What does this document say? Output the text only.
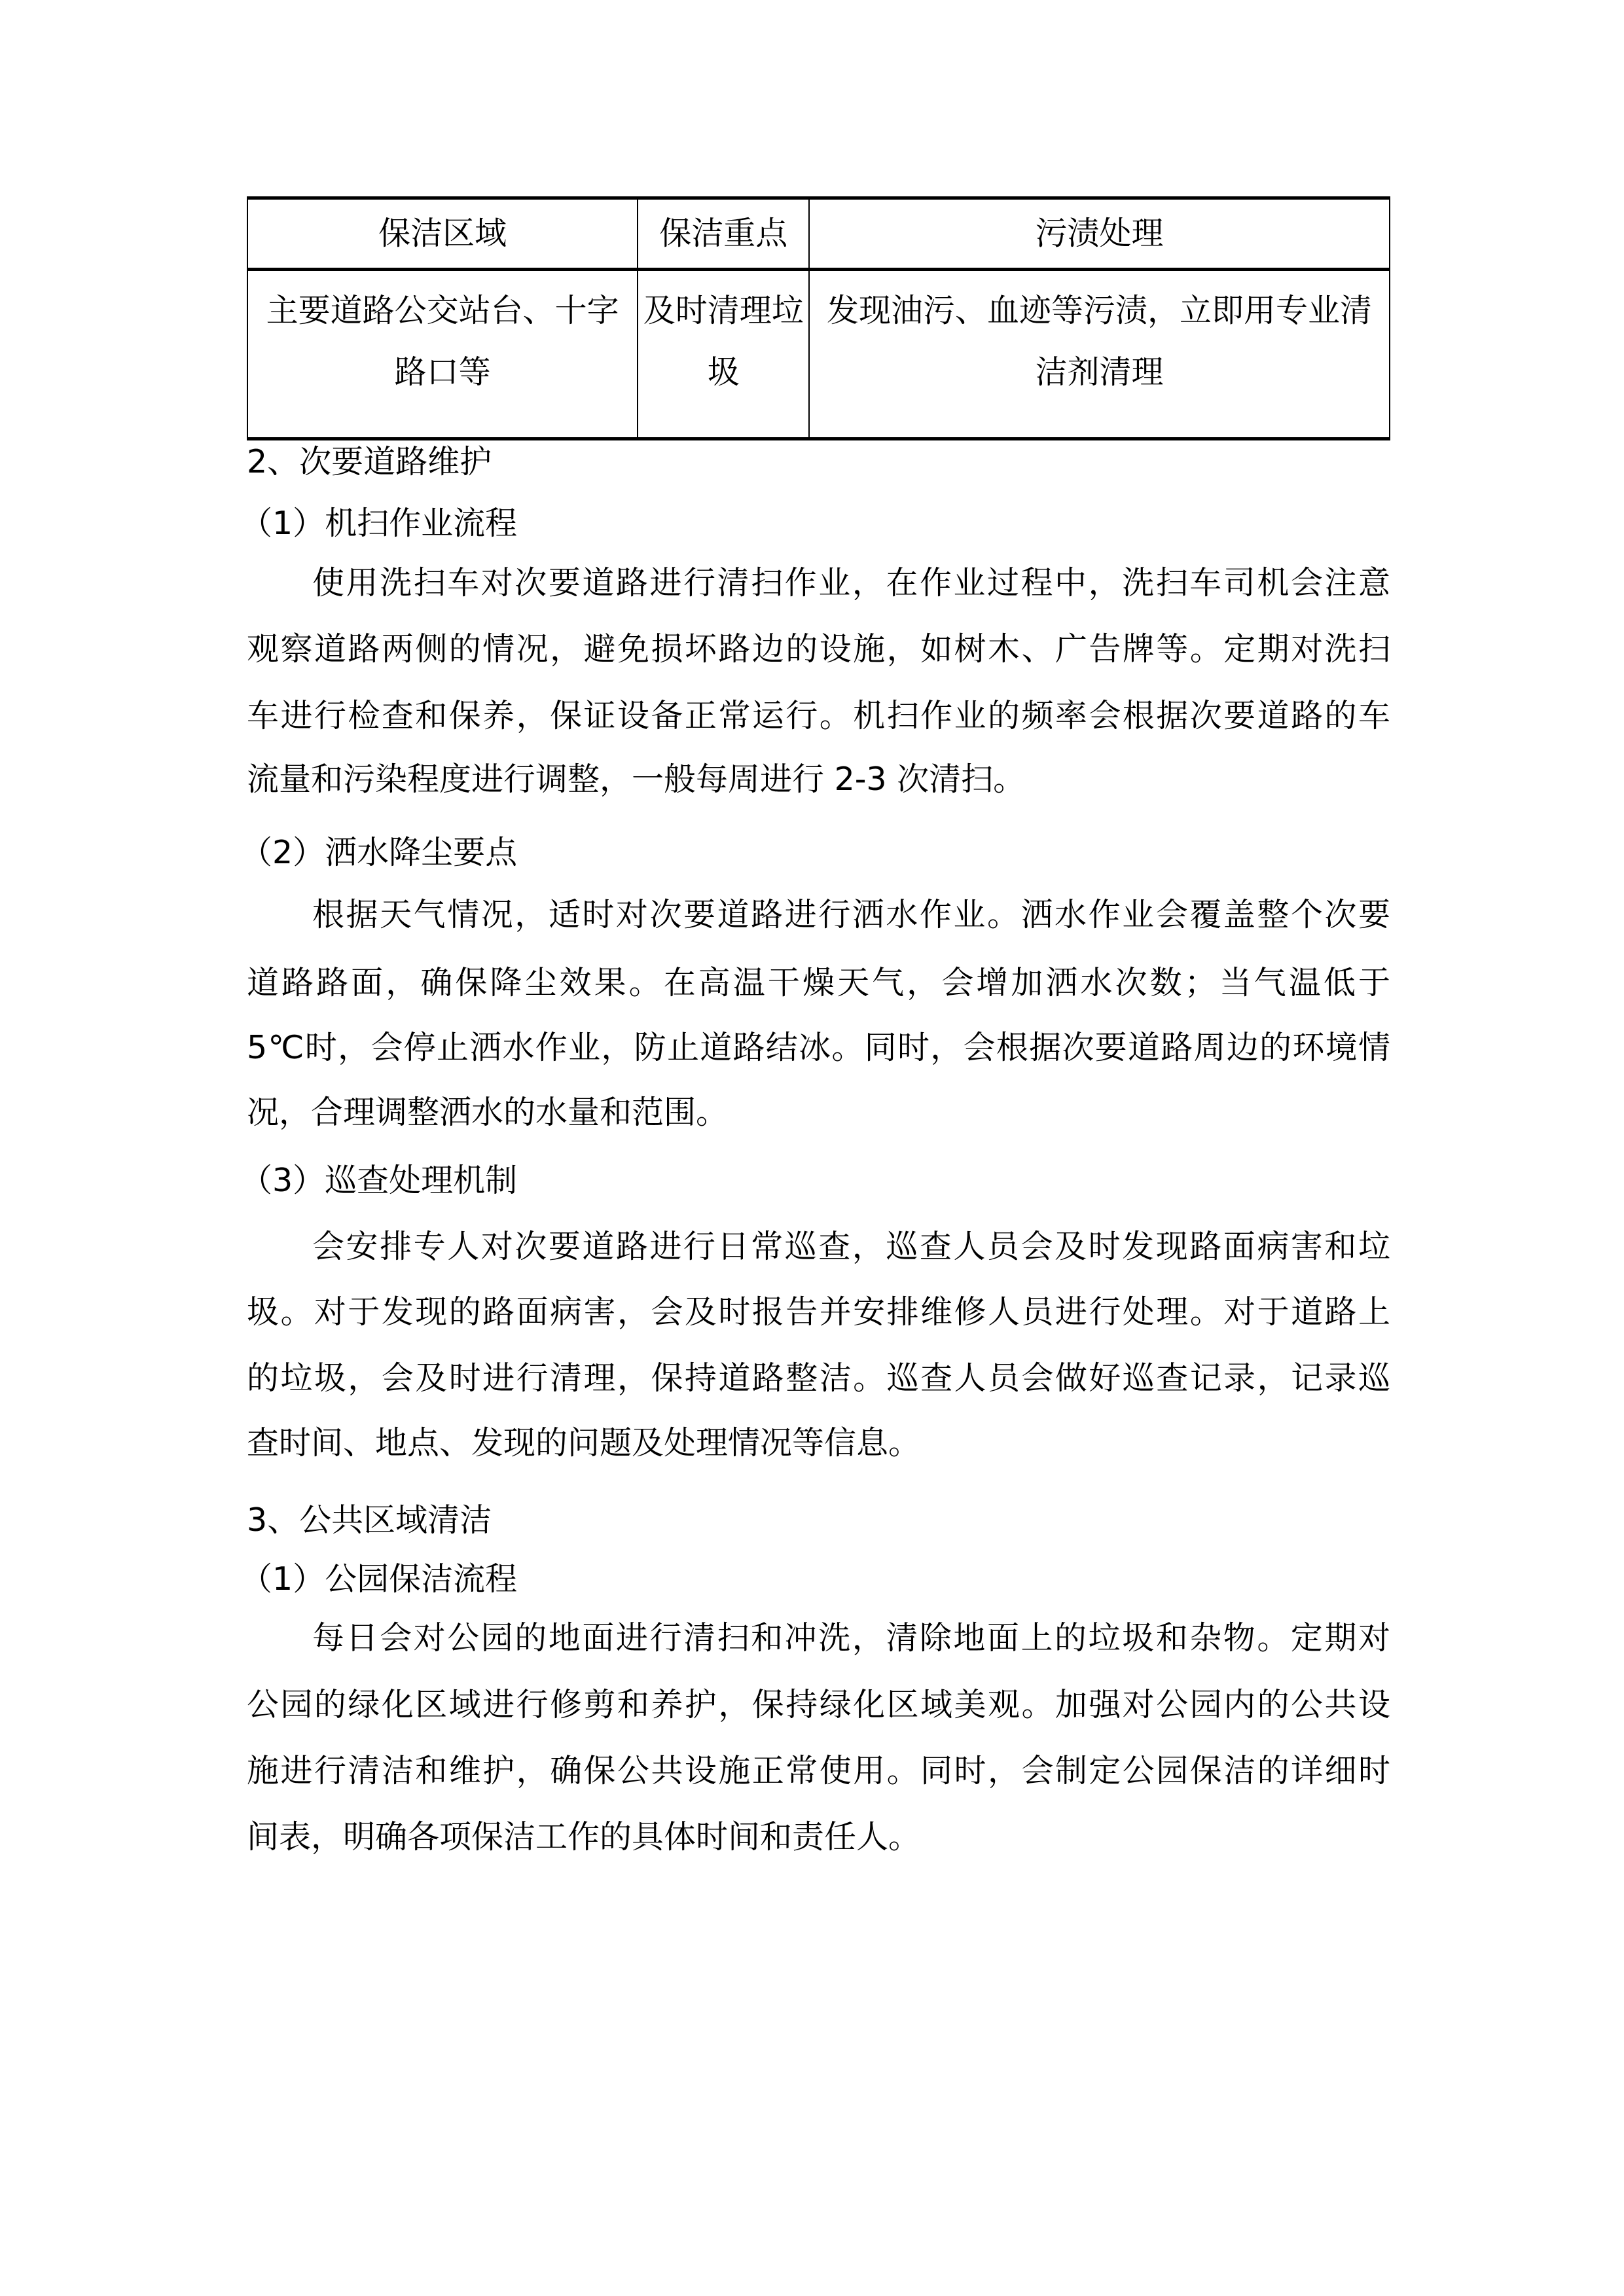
保洁区域	保洁重点	污渍处理
主要道路公交站台、十字路口等	及时清理垃圾	发现油污、血迹等污渍，立即用专业清洁剂清理
2、次要道路维护
（1）机扫作业流程
使用洗扫车对次要道路进行清扫作业，在作业过程中，洗扫车司机会注意
观察道路两侧的情况，避免损坏路边的设施，如树木、广告牌等。定期对洗扫
车进行检查和保养，保证设备正常运行。机扫作业的频率会根据次要道路的车
流量和污染程度进行调整，一般每周进行 2-3 次清扫。
（2）洒水降尘要点
根据天气情况，适时对次要道路进行洒水作业。洒水作业会覆盖整个次要
道路路面，确保降尘效果。在高温干燥天气，会增加洒水次数；当气温低于
5℃时，会停止洒水作业，防止道路结冰。同时，会根据次要道路周边的环境情
况，合理调整洒水的水量和范围。
（3）巡查处理机制
会安排专人对次要道路进行日常巡查，巡查人员会及时发现路面病害和垃
圾。对于发现的路面病害，会及时报告并安排维修人员进行处理。对于道路上
的垃圾，会及时进行清理，保持道路整洁。巡查人员会做好巡查记录，记录巡
查时间、地点、发现的问题及处理情况等信息。
3、公共区域清洁
（1）公园保洁流程
每日会对公园的地面进行清扫和冲洗，清除地面上的垃圾和杂物。定期对
公园的绿化区域进行修剪和养护，保持绿化区域美观。加强对公园内的公共设
施进行清洁和维护，确保公共设施正常使用。同时，会制定公园保洁的详细时
间表，明确各项保洁工作的具体时间和责任人。
